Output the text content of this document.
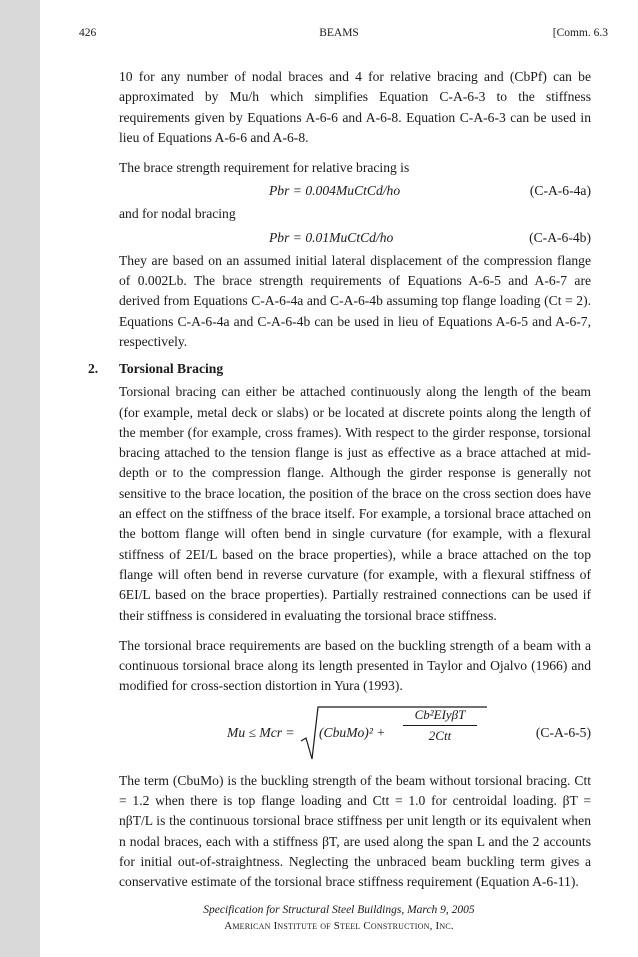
426	BEAMS	[Comm. 6.3

10 for any number of nodal braces and 4 for relative bracing and (CbPf) can be approximated by Mu/h which simplifies Equation C-A-6-3 to the stiffness requirements given by Equations A-6-6 and A-6-8. Equation C-A-6-3 can be used in lieu of Equations A-6-6 and A-6-8.

The brace strength requirement for relative bracing is

Pbr = 0.004MuCtCd/ho	(C-A-6-4a)

and for nodal bracing

Pbr = 0.01MuCtCd/ho	(C-A-6-4b)

They are based on an assumed initial lateral displacement of the compression flange of 0.002Lb. The brace strength requirements of Equations A-6-5 and A-6-7 are derived from Equations C-A-6-4a and C-A-6-4b assuming top flange loading (Ct = 2). Equations C-A-6-4a and C-A-6-4b can be used in lieu of Equations A-6-5 and A-6-7, respectively.

2. Torsional Bracing

Torsional bracing can either be attached continuously along the length of the beam (for example, metal deck or slabs) or be located at discrete points along the length of the member (for example, cross frames). With respect to the girder response, torsional bracing attached to the tension flange is just as effective as a brace attached at mid-depth or to the compression flange. Although the girder response is generally not sensitive to the brace location, the position of the brace on the cross section does have an effect on the stiffness of the brace itself. For example, a torsional brace attached on the bottom flange will often bend in single curvature (for example, with a flexural stiffness of 2EI/L based on the brace properties), while a brace attached on the top flange will often bend in reverse curvature (for example, with a flexural stiffness of 6EI/L based on the brace properties). Partially restrained connections can be used if their stiffness is considered in evaluating the torsional brace stiffness.

The torsional brace requirements are based on the buckling strength of a beam with a continuous torsional brace along its length presented in Taylor and Ojalvo (1966) and modified for cross-section distortion in Yura (1993).

Mu ≤ Mcr = (CbuMo)² +
Cb²EIyβT
2Ctt	(C-A-6-5)

The term (CbuMo) is the buckling strength of the beam without torsional bracing. Ctt = 1.2 when there is top flange loading and Ctt = 1.0 for centroidal loading. βT = nβT/L is the continuous torsional brace stiffness per unit length or its equivalent when n nodal braces, each with a stiffness βT, are used along the span L and the 2 accounts for initial out-of-straightness. Neglecting the unbraced beam buckling term gives a conservative estimate of the torsional brace stiffness requirement (Equation A-6-11).

Specification for Structural Steel Buildings, March 9, 2005
American Institute of Steel Construction, Inc.
